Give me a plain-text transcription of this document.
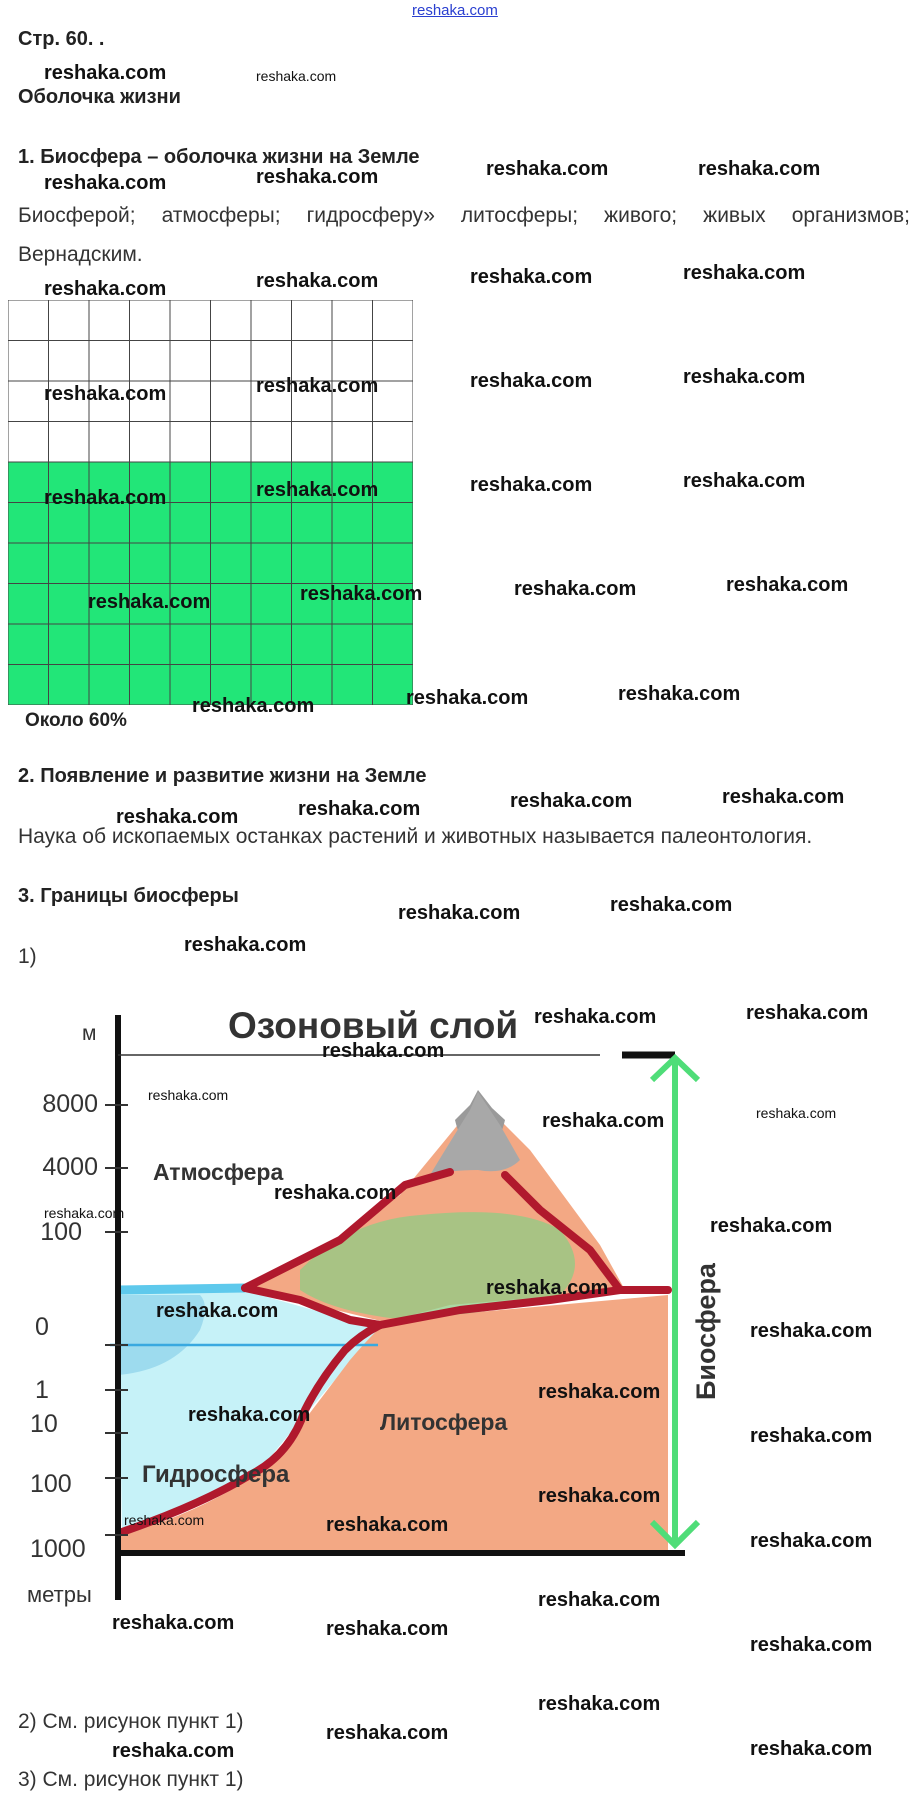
reshaka.com
Стр. 60. .
Оболочка жизни
1. Биосфера – оболочка жизни на Земле
Биосферой; атмосферы; гидросферу» литосферы; живого; живых организмов;
Вернадским.
Около 60%
2. Появление и развитие жизни на Земле
Наука об ископаемых останках растений и животных называется палеонтология.
3. Границы биосферы
1)
Озоновый слой
м
8000
4000
100
0
1
10
100
1000
метры
Атмосфера
Литосфера
Гидросфера
Биосфера
2) См. рисунок пункт 1)
3) См. рисунок пункт 1)
reshaka.com	reshaka.com
reshaka.com	reshaka.com	reshaka.com	reshaka.com
reshaka.com	reshaka.com	reshaka.com	reshaka.com
reshaka.com	reshaka.com	reshaka.com	reshaka.com
reshaka.com	reshaka.com	reshaka.com	reshaka.com
reshaka.com	reshaka.com	reshaka.com	reshaka.com
reshaka.com	reshaka.com	reshaka.com
reshaka.com	reshaka.com	reshaka.com	reshaka.com
reshaka.com	reshaka.com
reshaka.com
reshaka.com
reshaka.com
reshaka.com
reshaka.com
reshaka.com
reshaka.com
reshaka.com
reshaka.com
reshaka.com
reshaka.com
reshaka.com
reshaka.com
reshaka.com
reshaka.com
reshaka.com
reshaka.com	reshaka.com
reshaka.com
reshaka.com
reshaka.com	reshaka.com
reshaka.com
reshaka.com
reshaka.com
reshaka.com
reshaka.com	reshaka.com
